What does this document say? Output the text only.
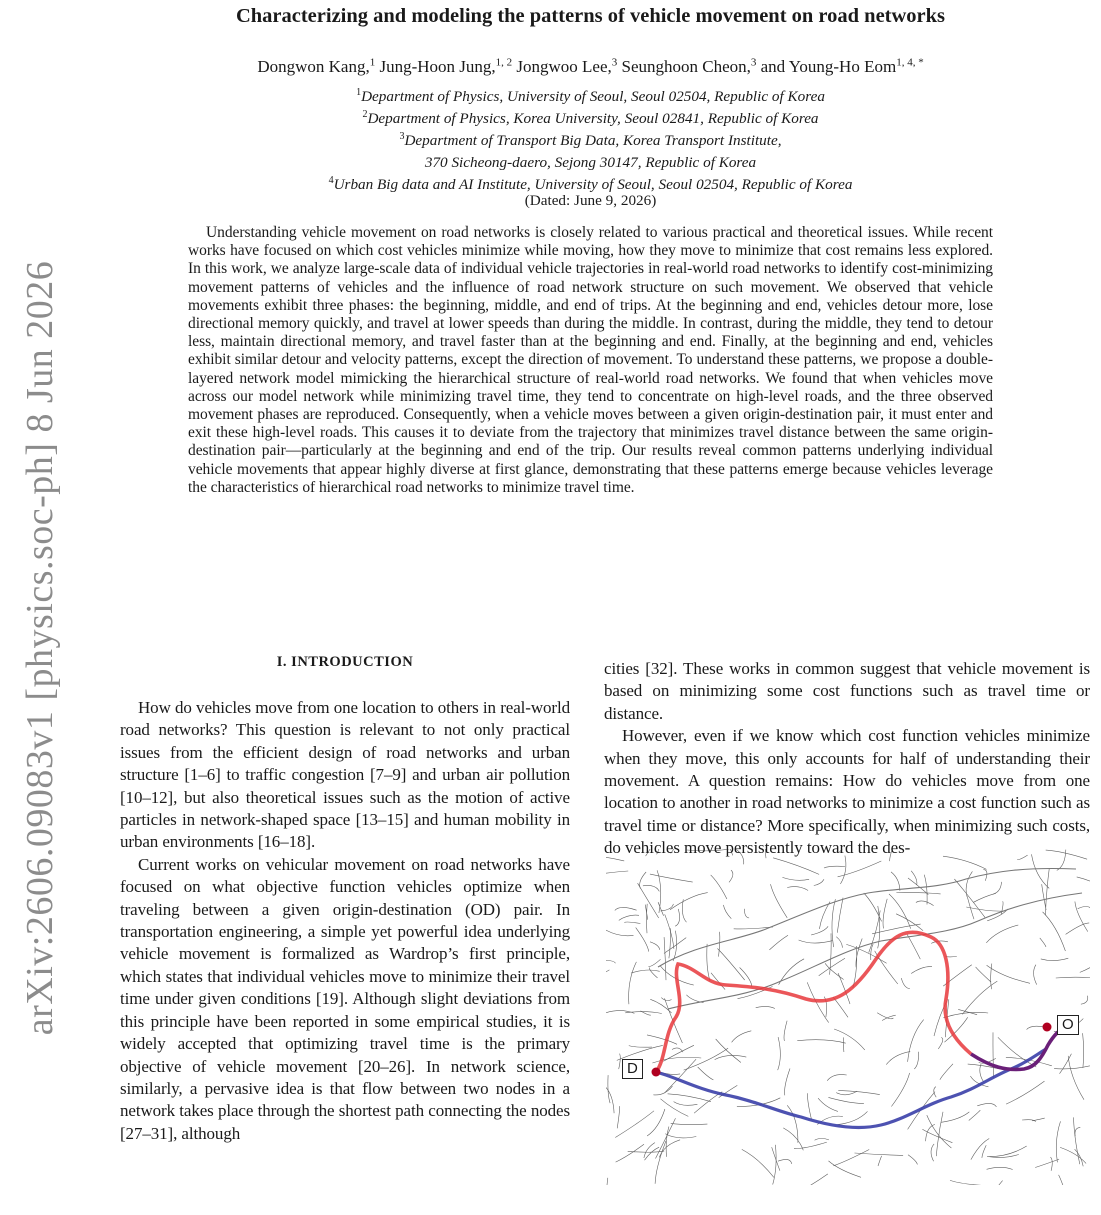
arXiv:2606.09083v1 [physics.soc-ph] 8 Jun 2026
Characterizing and modeling the patterns of vehicle movement on road networks
Dongwon Kang,$^1$ Jung-Hoon Jung,$^{1, 2}$ Jongwoo Lee,$^3$ Seunghoon Cheon,$^3$ and Young-Ho Eom$^{1, 4, *}$
$^1$Department of Physics, University of Seoul, Seoul 02504, Republic of Korea
$^2$Department of Physics, Korea University, Seoul 02841, Republic of Korea
$^3$Department of Transport Big Data, Korea Transport Institute,
370 Sicheong-daero, Sejong 30147, Republic of Korea
$^4$Urban Big data and AI Institute, University of Seoul, Seoul 02504, Republic of Korea
(Dated: June 9, 2026)

Understanding vehicle movement on road networks is closely related to various practical and theoretical issues. While recent works have focused on which cost vehicles minimize while moving, how they move to minimize that cost remains less explored. In this work, we analyze large-scale data of individual vehicle trajectories in real-world road networks to identify cost-minimizing movement patterns of vehicles and the influence of road network structure on such movement. We observed that vehicle movements exhibit three phases: the beginning, middle, and end of trips. At the beginning and end, vehicles detour more, lose directional memory quickly, and travel at lower speeds than during the middle. In contrast, during the middle, they tend to detour less, maintain directional memory, and travel faster than at the beginning and end. Finally, at the beginning and end, vehicles exhibit similar detour and velocity patterns, except the direction of movement. To understand these patterns, we propose a double-layered network model mimicking the hierarchical structure of real-world road networks. We found that when vehicles move across our model network while minimizing travel time, they tend to concentrate on high-level roads, and the three observed movement phases are reproduced. Consequently, when a vehicle moves between a given origin-destination pair, it must enter and exit these high-level roads. This causes it to deviate from the trajectory that minimizes travel distance between the same origin-destination pair—particularly at the beginning and end of the trip. Our results reveal common patterns underlying individual vehicle movements that appear highly diverse at first glance, demonstrating that these patterns emerge because vehicles leverage the characteristics of hierarchical road networks to minimize travel time.

I. INTRODUCTION

How do vehicles move from one location to others in real-world road networks? This question is relevant to not only practical issues from the efficient design of road networks and urban structure [1–6] to traffic congestion [7–9] and urban air pollution [10–12], but also theoretical issues such as the motion of active particles in network-shaped space [13–15] and human mobility in urban environments [16–18].

Current works on vehicular movement on road networks have focused on what objective function vehicles optimize when traveling between a given origin-destination (OD) pair. In transportation engineering, a simple yet powerful idea underlying vehicle movement is formalized as Wardrop’s first principle, which states that individual vehicles move to minimize their travel time under given conditions [19]. Although slight deviations from this principle have been reported in some empirical studies, it is widely accepted that optimizing travel time is the primary objective of vehicle movement [20–26]. In network science, similarly, a pervasive idea is that flow between two nodes in a network takes place through the shortest path connecting the nodes [27–31], although

cities [32]. These works in common suggest that vehicle movement is based on minimizing some cost functions such as travel time or distance.

However, even if we know which cost function vehicles minimize when they move, this only accounts for half of understanding their movement. A question remains: How do vehicles move from one location to another in road networks to minimize a cost function such as travel time or distance? More specifically, when minimizing such costs, do vehicles move persistently toward the des-

D
O
